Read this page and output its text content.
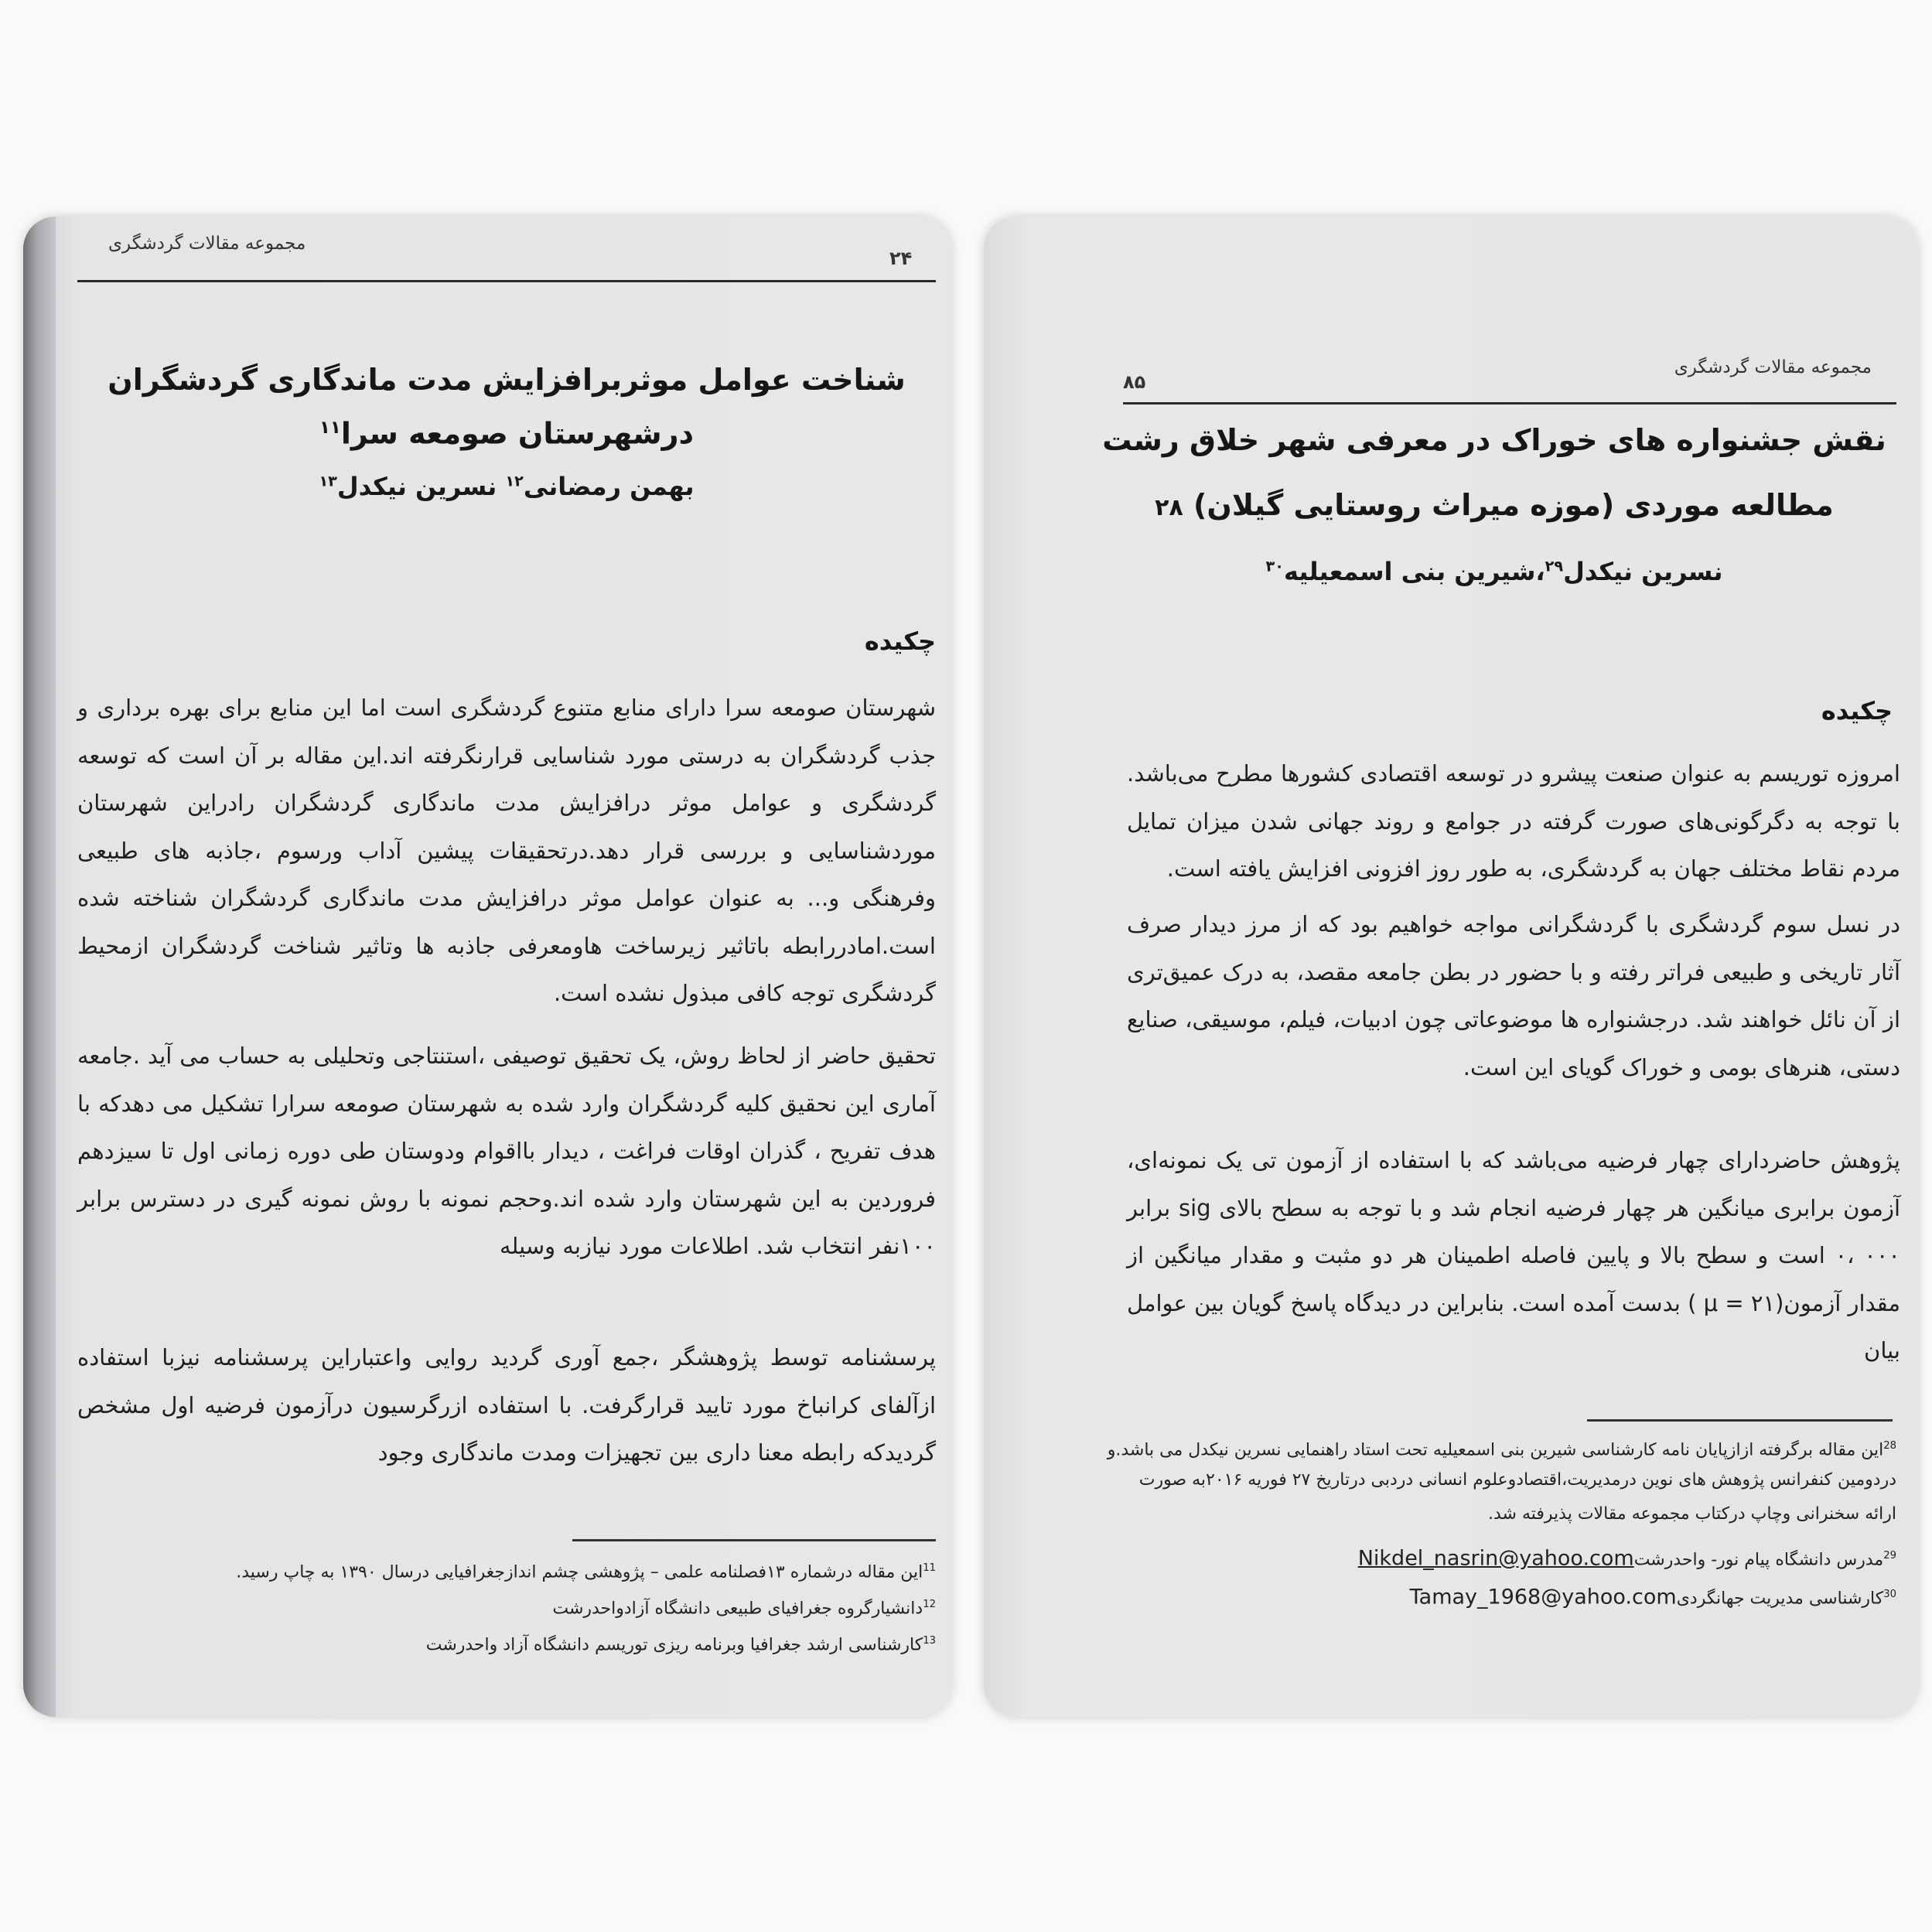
مجموعه مقالات گردشگری
۲۴
شناخت عوامل موثربرافزایش مدت ماندگاری گردشگران درشهرستان صومعه سرا$^{۱۱}$
بهمن رمضانی$^{۱۲}$ نسرین نیکدل$^{۱۳}$
چکیده
شهرستان صومعه سرا دارای منابع متنوع گردشگری است اما این منابع برای بهره برداری و جذب گردشگران به درستی مورد شناسایی قرارنگرفته اند.این مقاله بر آن است که توسعه گردشگری و عوامل موثر درافزایش مدت ماندگاری گردشگران رادراین شهرستان موردشناسایی و بررسی قرار دهد.درتحقیقات پیشین آداب ورسوم ،جاذبه های طبیعی وفرهنگی و... به عنوان عوامل موثر درافزایش مدت ماندگاری گردشگران شناخته شده است.امادررابطه باتاثیر زیرساخت هاومعرفی جاذبه ها وتاثیر شناخت گردشگران ازمحیط گردشگری توجه کافی مبذول نشده است.
تحقیق حاضر از لحاظ روش، یک تحقیق توصیفی ،استنتاجی وتحلیلی به حساب می آید .جامعه آماری این نحقیق کلیه گردشگران وارد شده به شهرستان صومعه سرارا تشکیل می دهدکه با هدف تفریح ، گذران اوقات فراغت ، دیدار بااقوام ودوستان طی دوره زمانی اول تا سیزدهم فروردین به این شهرستان وارد شده اند.وحجم نمونه با روش نمونه گیری در دسترس برابر ۱۰۰نفر انتخاب شد. اطلاعات مورد نیازبه وسیله
پرسشنامه توسط پژوهشگر ،جمع آوری گردید روایی واعتباراین پرسشنامه نیزبا استفاده ازآلفای کرانباخ مورد تایید قرارگرفت. با استفاده ازرگرسیون درآزمون فرضیه اول مشخص گردیدکه رابطه معنا داری بین تجهیزات ومدت ماندگاری وجود
$^{11}$این مقاله درشماره ۱۳فصلنامه علمی – پژوهشی چشم اندازجغرافیایی درسال ۱۳۹۰ به چاپ رسید.
$^{12}$دانشیارگروه جغرافیای طبیعی دانشگاه آزادواحدرشت
$^{13}$کارشناسی ارشد جغرافیا وبرنامه ریزی توریسم دانشگاه آزاد واحدرشت
مجموعه مقالات گردشگری
۸۵
نقش جشنواره های خوراک در معرفی شهر خلاق رشت
مطالعه موردی (موزه میراث روستایی گیلان) ۲۸
نسرین نیکدل$^{۲۹}$،شیرین بنی اسمعیلیه$^{۳۰}$
چکیده
امروزه توریسم به عنوان صنعت پیشرو در توسعه اقتصادی کشورها مطرح می‌باشد. با توجه به دگرگونی‌های صورت گرفته در جوامع و روند جهانی شدن میزان تمایل مردم نقاط مختلف جهان به گردشگری، به طور روز افزونی افزایش یافته است.
در نسل سوم گردشگری با گردشگرانی مواجه خواهیم بود که از مرز دیدار صرف آثار تاریخی و طبیعی فراتر رفته و با حضور در بطن جامعه مقصد، به درک عمیق‌تری از آن نائل خواهند شد. درجشنواره ها موضوعاتی چون ادبیات، فیلم، موسیقی، صنایع دستی، هنرهای بومی و خوراک گویای این است.
پژوهش حاضردارای چهار فرضیه می‌باشد که با استفاده از آزمون تی یک نمونه‌ای، آزمون برابری میانگین هر چهار فرضیه انجام شد و با توجه به سطح بالای sig برابر ۰۰۰ ،۰ است و سطح بالا و پایین فاصله اطمینان هر دو مثبت و مقدار میانگین از مقدار آزمون(۲۱ = μ ) بدست آمده است. بنابراین در دیدگاه پاسخ گویان بین عوامل بیان
$^{28}$این مقاله برگرفته ازازپایان نامه کارشناسی شیرین بنی اسمعیلیه تحت استاد راهنمایی نسرین نیکدل می باشد.و
دردومین کنفرانس پژوهش های نوین درمدیریت،اقتصادوعلوم انسانی دردبی درتاریخ ۲۷ فوریه ۲۰۱۶به صورت
ارائه سخنرانی وچاپ درکتاب مجموعه مقالات پذیرفته شد.
$^{29}$مدرس دانشگاه پیام نور- واحدرشتNikdel_nasrin@yahoo.com
$^{30}$کارشناسی مدیریت جهانگردیTamay_1968@yahoo.com
